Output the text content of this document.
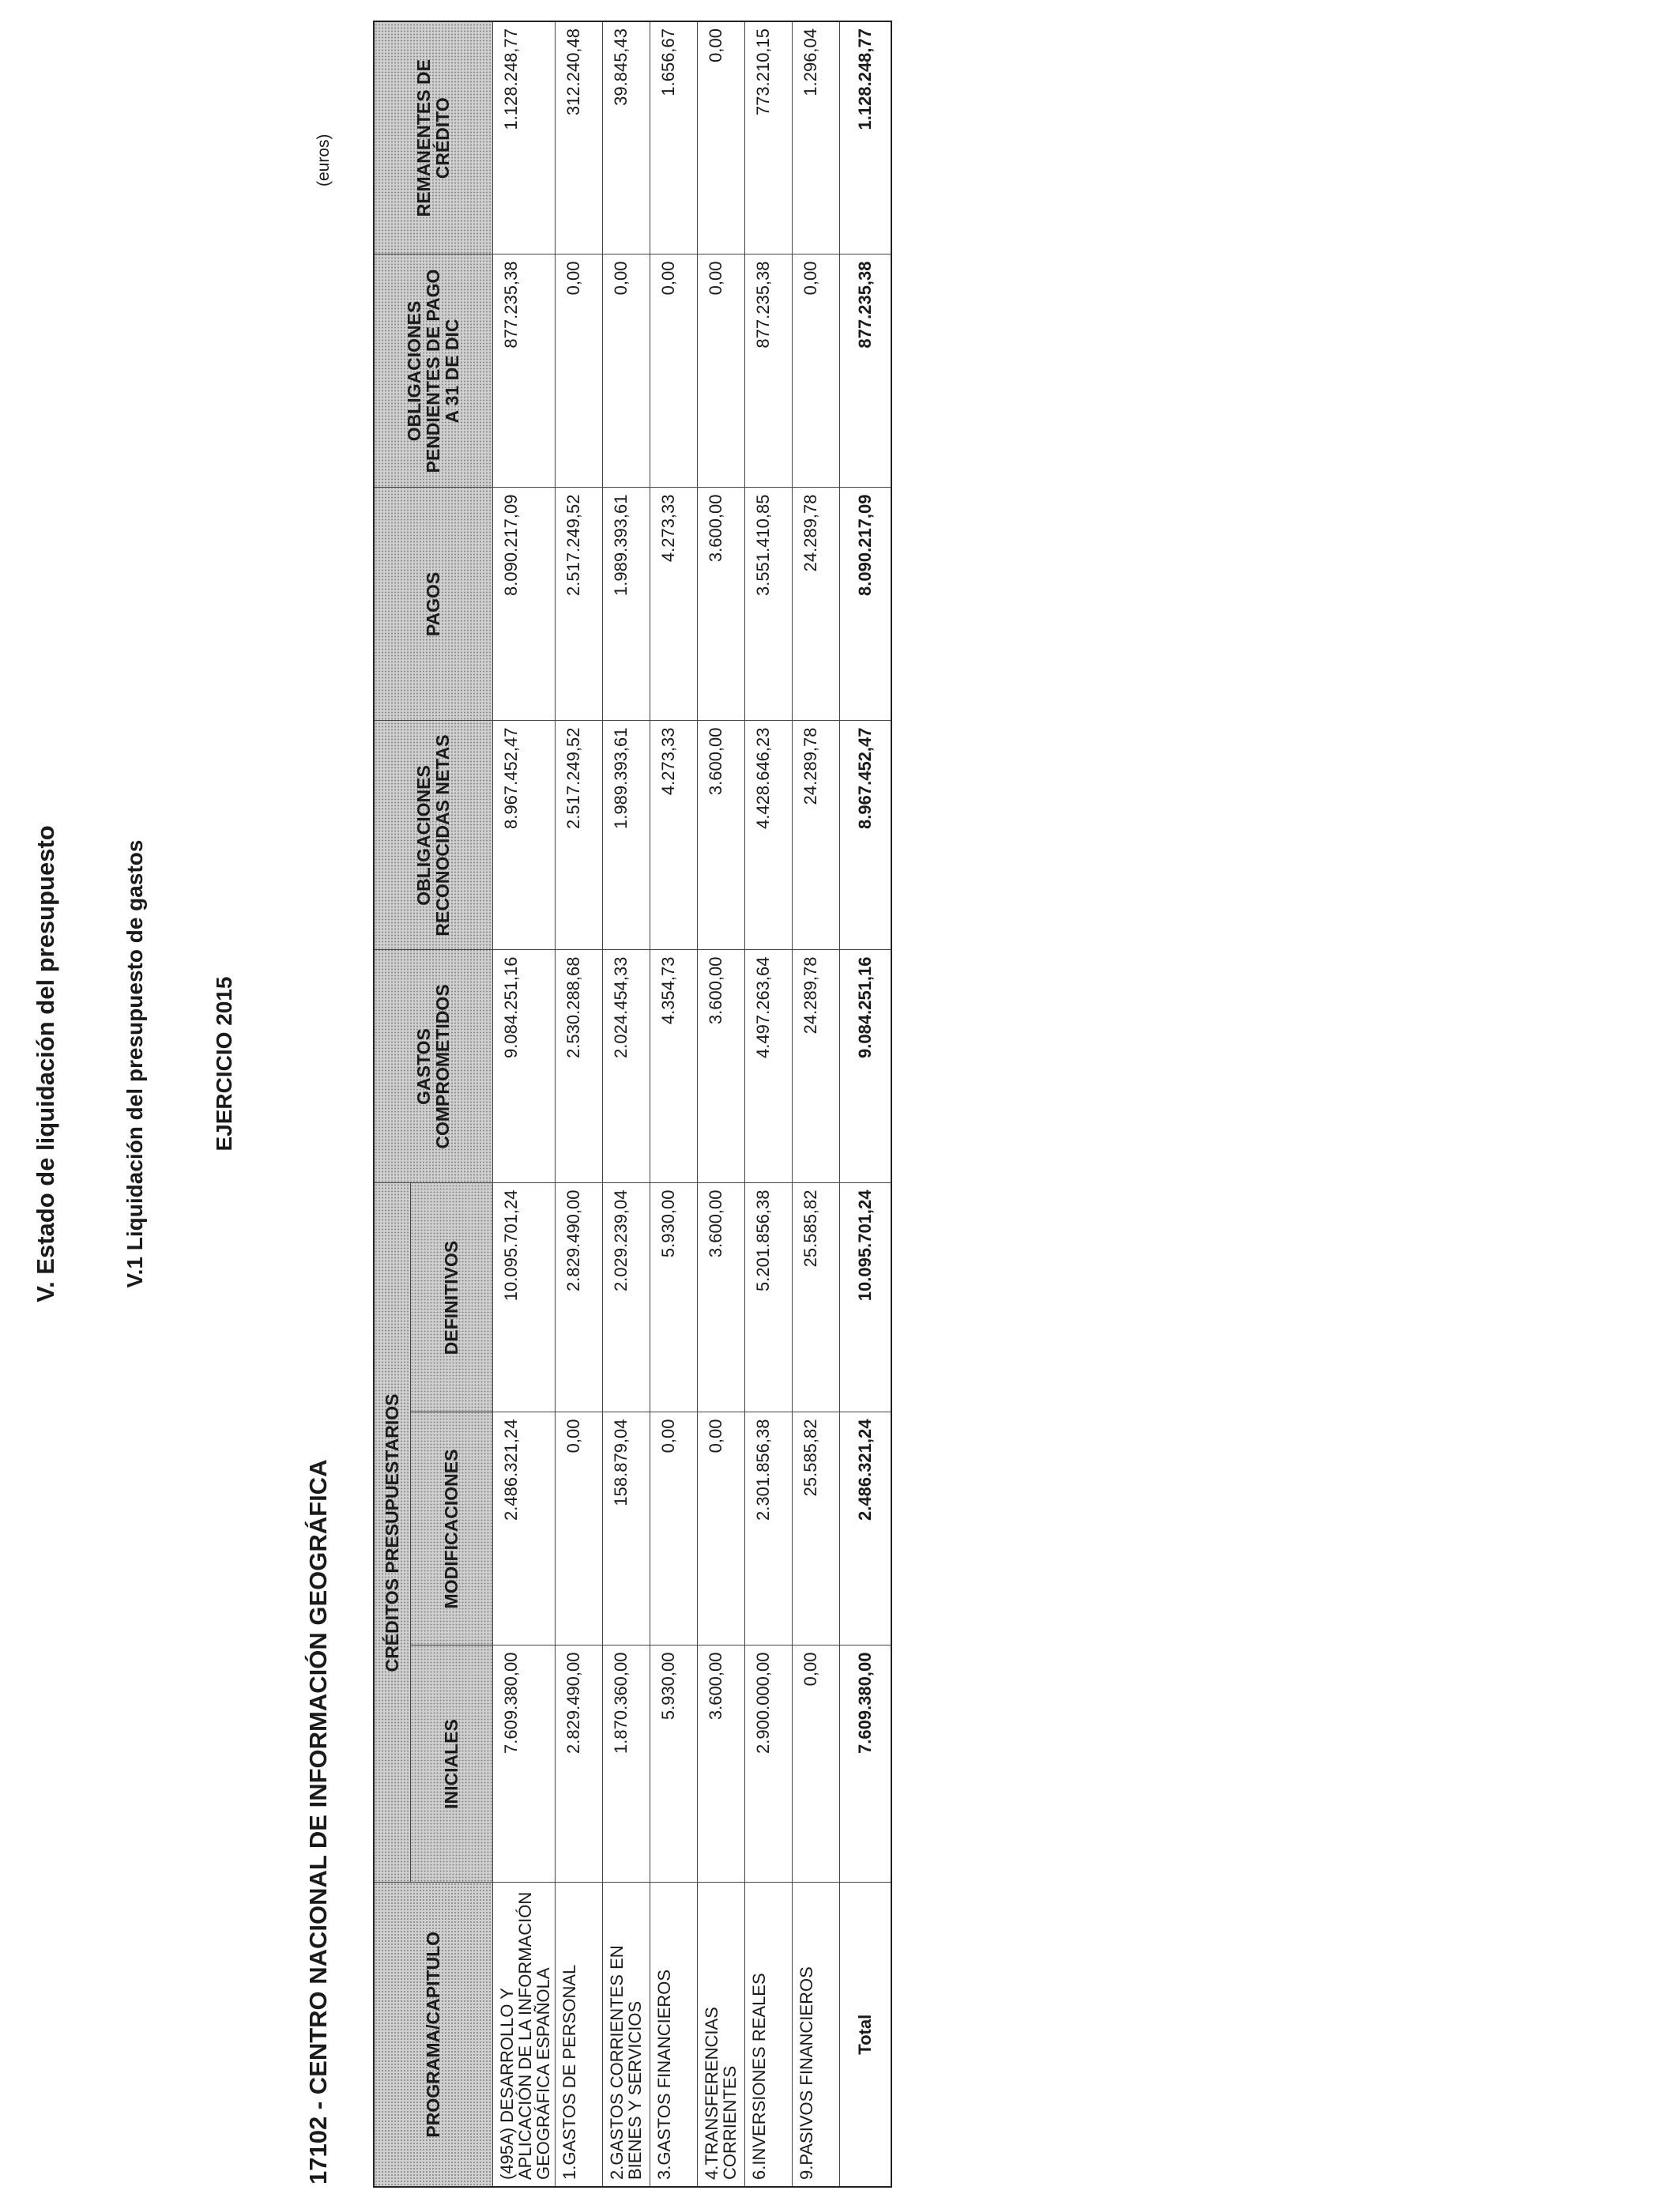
V. Estado de liquidación del presupuesto	V.1 Liquidación del presupuesto de gastos	EJERCICIO 2015
17102 - CENTRO NACIONAL DE INFORMACIÓN GEOGRÁFICA
(euros)
PROGRAMA/CAPITULO	CRÉDITOS PRESUPUESTARIOS			GASTOS COMPROMETIDOS	OBLIGACIONES RECONOCIDAS NETAS	PAGOS	OBLIGACIONES PENDIENTES DE PAGO A 31 DE DIC	REMANENTES DE CRÉDITO
	INICIALES	MODIFICACIONES	DEFINITIVOS					
(495A) DESARROLLO Y APLICACIÓN DE LA INFORMACIÓN GEOGRÁFICA ESPAÑOLA	7.609.380,00	2.486.321,24	10.095.701,24	9.084.251,16	8.967.452,47	8.090.217,09	877.235,38	1.128.248,77
1.GASTOS DE PERSONAL	2.829.490,00	0,00	2.829.490,00	2.530.288,68	2.517.249,52	2.517.249,52	0,00	312.240,48
2.GASTOS CORRIENTES EN BIENES Y SERVICIOS	1.870.360,00	158.879,04	2.029.239,04	2.024.454,33	1.989.393,61	1.989.393,61	0,00	39.845,43
3.GASTOS FINANCIEROS	5.930,00	0,00	5.930,00	4.354,73	4.273,33	4.273,33	0,00	1.656,67
4.TRANSFERENCIAS CORRIENTES	3.600,00	0,00	3.600,00	3.600,00	3.600,00	3.600,00	0,00	0,00
6.INVERSIONES REALES	2.900.000,00	2.301.856,38	5.201.856,38	4.497.263,64	4.428.646,23	3.551.410,85	877.235,38	773.210,15
9.PASIVOS FINANCIEROS	0,00	25.585,82	25.585,82	24.289,78	24.289,78	24.289,78	0,00	1.296,04
Total	7.609.380,00	2.486.321,24	10.095.701,24	9.084.251,16	8.967.452,47	8.090.217,09	877.235,38	1.128.248,77
